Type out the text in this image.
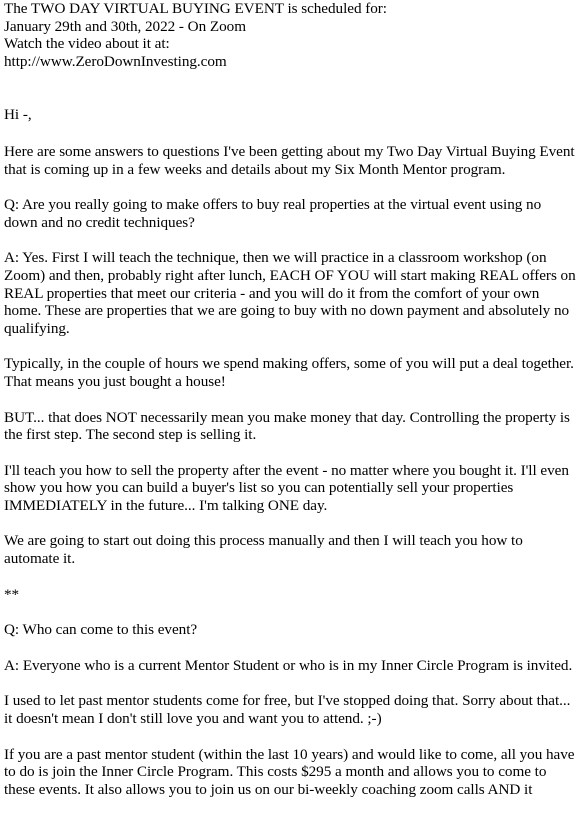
The TWO DAY VIRTUAL BUYING EVENT is scheduled for:
January 29th and 30th, 2022 - On Zoom
Watch the video about it at:
http://www.ZeroDownInvesting.com

Hi -,

Here are some answers to questions I've been getting about my Two Day Virtual Buying Event that is coming up in a few weeks and details about my Six Month Mentor program.

Q: Are you really going to make offers to buy real properties at the virtual event using no down and no credit techniques?

A: Yes. First I will teach the technique, then we will practice in a classroom workshop (on Zoom) and then, probably right after lunch, EACH OF YOU will start making REAL offers on REAL properties that meet our criteria - and you will do it from the comfort of your own home. These are properties that we are going to buy with no down payment and absolutely no qualifying.

Typically, in the couple of hours we spend making offers, some of you will put a deal together. That means you just bought a house!

BUT... that does NOT necessarily mean you make money that day. Controlling the property is the first step. The second step is selling it.

I'll teach you how to sell the property after the event - no matter where you bought it. I'll even show you how you can build a buyer's list so you can potentially sell your properties IMMEDIATELY in the future... I'm talking ONE day.

We are going to start out doing this process manually and then I will teach you how to automate it.

**

Q: Who can come to this event?

A: Everyone who is a current Mentor Student or who is in my Inner Circle Program is invited.

I used to let past mentor students come for free, but I've stopped doing that. Sorry about that... it doesn't mean I don't still love you and want you to attend. ;-)

If you are a past mentor student (within the last 10 years) and would like to come, all you have to do is join the Inner Circle Program. This costs $295 a month and allows you to come to these events. It also allows you to join us on our bi-weekly coaching zoom calls AND it
